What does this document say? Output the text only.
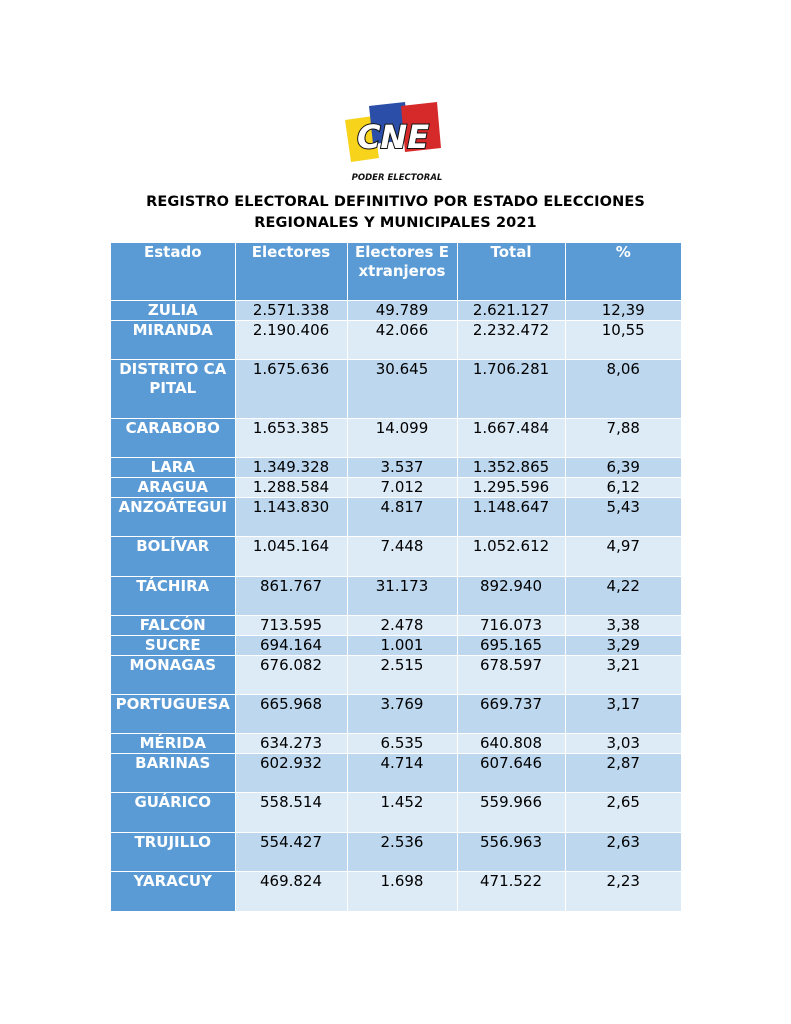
CNE
PODER ELECTORAL
REGISTRO ELECTORAL DEFINITIVO POR ESTADO ELECCIONES
REGIONALES Y MUNICIPALES 2021
Estado	Electores	Electores Extranjeros	Total	%
ZULIA	2.571.338	49.789	2.621.127	12,39
MIRANDA	2.190.406	42.066	2.232.472	10,55
DISTRITO CAPITAL	1.675.636	30.645	1.706.281	8,06
CARABOBO	1.653.385	14.099	1.667.484	7,88
LARA	1.349.328	3.537	1.352.865	6,39
ARAGUA	1.288.584	7.012	1.295.596	6,12
ANZOÁTEGUI	1.143.830	4.817	1.148.647	5,43
BOLÍVAR	1.045.164	7.448	1.052.612	4,97
TÁCHIRA	861.767	31.173	892.940	4,22
FALCÓN	713.595	2.478	716.073	3,38
SUCRE	694.164	1.001	695.165	3,29
MONAGAS	676.082	2.515	678.597	3,21
PORTUGUESA	665.968	3.769	669.737	3,17
MÉRIDA	634.273	6.535	640.808	3,03
BARINAS	602.932	4.714	607.646	2,87
GUÁRICO	558.514	1.452	559.966	2,65
TRUJILLO	554.427	2.536	556.963	2,63
YARACUY	469.824	1.698	471.522	2,23
